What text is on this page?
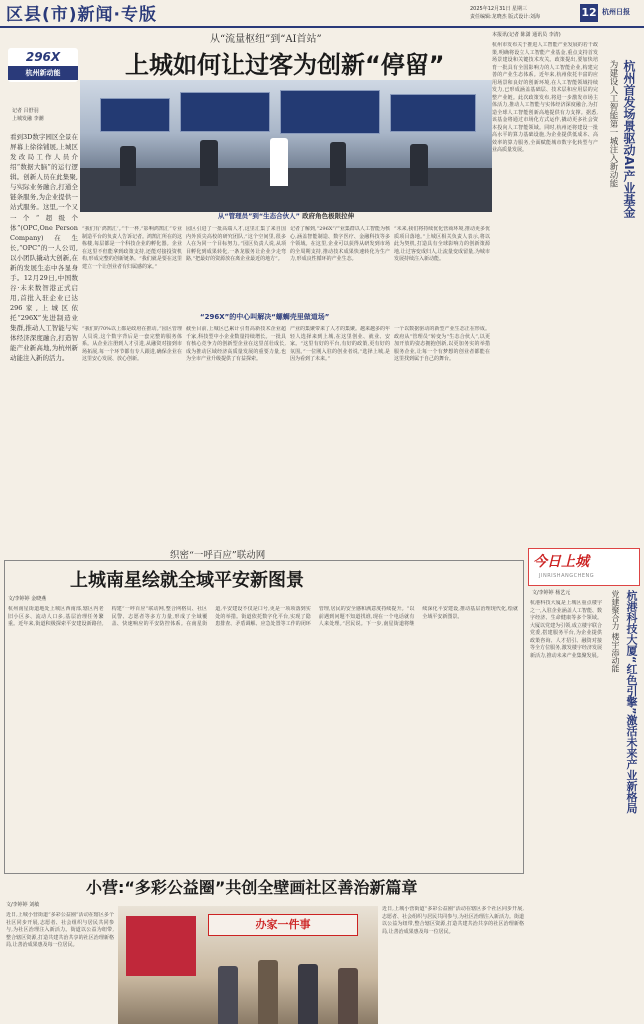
区县(市)新闻·专版	2025年12月31日 星期三
责任编辑:龙晓杰 版式设计:刘海	12 杭州日报
296X
杭州新动能
记者 吕舒羽
上城发融 李潮
看到3D数字园区全景在屏幕上徐徐铺展,上城区发改局工作人员介绍“数据大脑”的运行逻辑。创新人员在此集聚,与实际业务融合,打通全链条服务,为企业提供一站式服务。这里,一个又一个“超级个体”(OPC,One Person Company)在生长,“OPC”的一人公司,以小团队撬动大创新,在新的发展生态中各显身手。12月29日,中国数谷·未来数智港正式启用,首批入驻企业已达296家,上城区依托“296X”先进制造业集群,推动人工智能与实体经济深度融合,打造智能产业新高地,为杭州新动能注入新的活力。
从“流量枢纽”到“AI首站”
上城如何让过客为创新“停留”
从“管理员”到“生态合伙人” 政府角色极限拉伸
“我们有‘鸿鹄汇’。”干一杯,“影响鸿鹄汇”专业制造平台的负责人告诉记者。鸿鹄汇所在的这栋楼,每层都是一个科技企业的孵化器。企业在这里不但能拿到政策支持,还能对接投资机构,形成完整的创新链条。“我们就是要在这里建立一个让创业者有归属感的家。”
园区引进了一批高端人才,这里汇集了来自国内外顶尖高校的研究团队,“这个空间里,很多人在为同一个目标努力。”园区负责人说,从项目孵化到成果转化,一条龙服务让企业少走弯路,“把最好的资源放在离企业最近的地方”。
记者了解到,“296X”产业集群以人工智能为核心,涵盖智能制造、数字医疗、金融科技等多个领域。在这里,企业可以获得从研发到市场的全周期支持,推动技术成果快速转化为生产力,形成良性循环的产业生态。
“未来,我们将持续优化营商环境,推动更多优质项目落地。”上城区相关负责人表示,将以此为契机,打造具有全球影响力的创新策源地,让过客变成归人,让流量变成留量,为城市发展持续注入新动能。
“296X”的中心叫解决“螺蛳壳里做道场”
“我们的70%以上都是政府在推动。”园区管理人员说,这个数字背后是一套完整的服务体系。从企业注册到人才引进,从融资对接到市场拓展,每一个环节都有专人跟进,确保企业在这里安心发展、放心创新。
截至目前,上城区已累计引育高新技术企业超千家,科技型中小企业数量持续增长。一批具有核心竞争力的创新型企业在这里茁壮成长,成为推动区域经济高质量发展的重要力量,也为全市产业升级提供了有益探索。
产业的集聚带来了人才的集聚。越来越多的年轻人选择来到上城,在这里创业、就业、安家。“这里有好的平台,有好的政策,更有好的氛围。”一位刚入驻的创业者说,“选择上城,是因为看到了未来。”
一个以数据驱动的新型产业生态正在形成。政府从“管理员”转变为“生态合伙人”,以更加开放的姿态拥抱创新,以更加务实的举措服务企业,让每一个有梦想的创业者都能在这里找到属于自己的舞台。
本报讯(记者 陈潇 通讯员 李清)
杭州市发布关于推进人工智能产业发展的若干政策,明确将设立人工智能产业基金,重点支持首发场景建设和关键技术攻关。政策提出,要加快培育一批具有全国影响力的人工智能企业,构建完善的产业生态体系。近年来,杭州依托丰富的应用场景和良好的创新环境,在人工智能领域持续发力,已形成涵盖基础层、技术层和应用层的完整产业链。此次政策发布,将进一步激发市场主体活力,推动人工智能与实体经济深度融合,为打造全球人工智能创新高地提供有力支撑。据悉,该基金将通过市场化方式运作,撬动更多社会资本投向人工智能领域。同时,杭州还将建设一批高水平的算力基础设施,为企业提供低成本、高效率的算力服务,全面赋能城市数字化转型与产业高质量发展。	杭州首发场景驱动AI产业基金
为建设人工智能第一城注入新动能
织密“一呼百应”联动网
上城南星绘就全域平安新图景
文/李婷婷 金晓燕
杭州南星街道地处上城区西南部,辖区内老旧小区多、流动人口多,基层治理任务繁重。近年来,街道积极探索平安建设新路径,构建“一呼百应”联动网,整合网格员、社区民警、志愿者等多方力量,形成了全域覆盖、快速响应的平安防控体系。在南星街道,平安建设不仅是口号,更是一项项落到实处的举措。街道依托数字化平台,实现了隐患排查、矛盾调解、应急处置等工作的闭环管理,居民的安全感和满意度持续提升。“以前遇到问题不知道找谁,现在一个电话就有人来处理。”居民说。下一步,南星街道将继续深化平安建设,推动基层治理现代化,绘就全域平安新图景。
今日上城
JINRISHANGCHENG
文/李婷婷 杨艺元	杭港科技大厦“红色引擎”激活未来产业新格局
党建聚合力 楼宇添动能
杭港科技大厦是上城区重点楼宇之一,入驻企业涵盖人工智能、数字经济、生命健康等多个领域。大厦以党建为引领,成立楼宇联合党委,搭建服务平台,为企业提供政策咨询、人才招引、融资对接等全方位服务,激发楼宇经济发展新活力,推动未来产业集聚发展。
小营:“多彩公益圈”共创全壁画社区善治新篇章
文/李婷婷 刘敏
近日,上城小营街道“多彩公益圈”活动在辖区多个社区同步开展,志愿者、社会组织与居民共同参与,为社区治理注入新活力。街道以公益为纽带,整合辖区资源,打造共建共治共享的社区治理新格局,让善治成果惠及每一位居民。
办家一件事
近日,上城小营街道“多彩公益圈”活动在辖区多个社区同步开展,志愿者、社会组织与居民共同参与,为社区治理注入新活力。街道以公益为纽带,整合辖区资源,打造共建共治共享的社区治理新格局,让善治成果惠及每一位居民。
